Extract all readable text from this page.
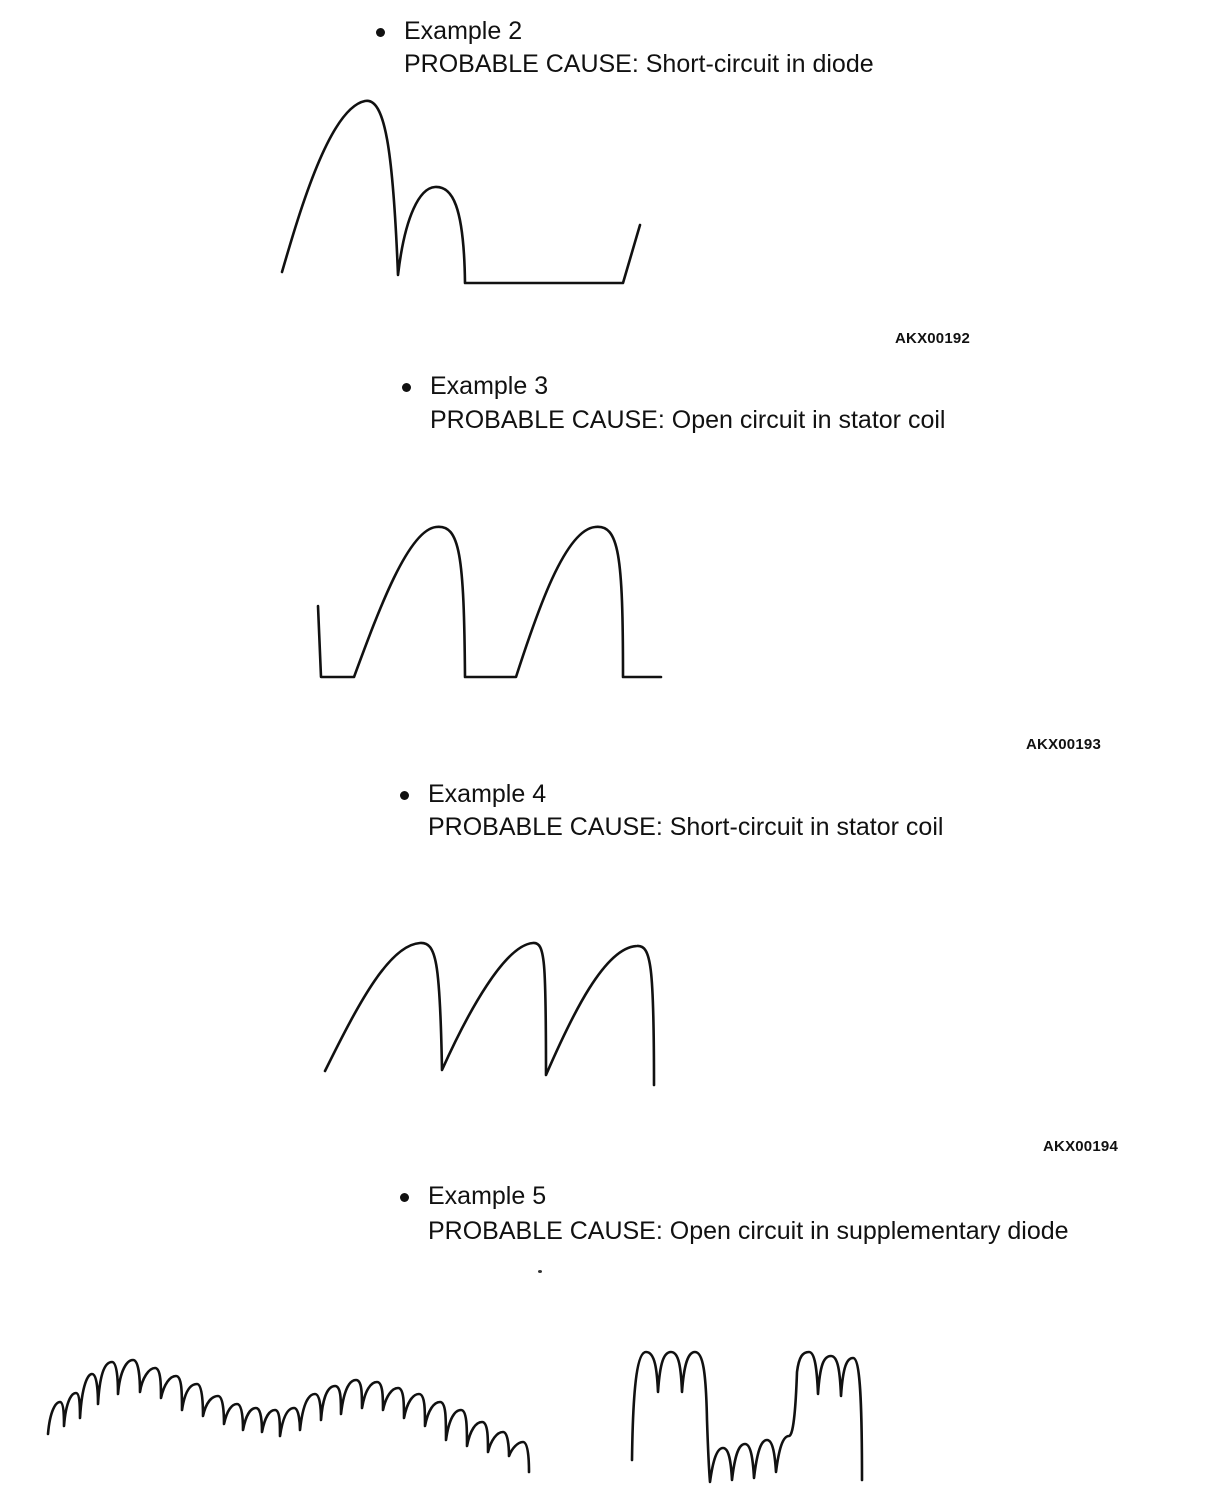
Example 2
PROBABLE CAUSE: Short-circuit in diode
AKX00192
Example 3
PROBABLE CAUSE: Open circuit in stator coil
AKX00193
Example 4
PROBABLE CAUSE: Short-circuit in stator coil
AKX00194
Example 5
PROBABLE CAUSE: Open circuit in supplementary diode
